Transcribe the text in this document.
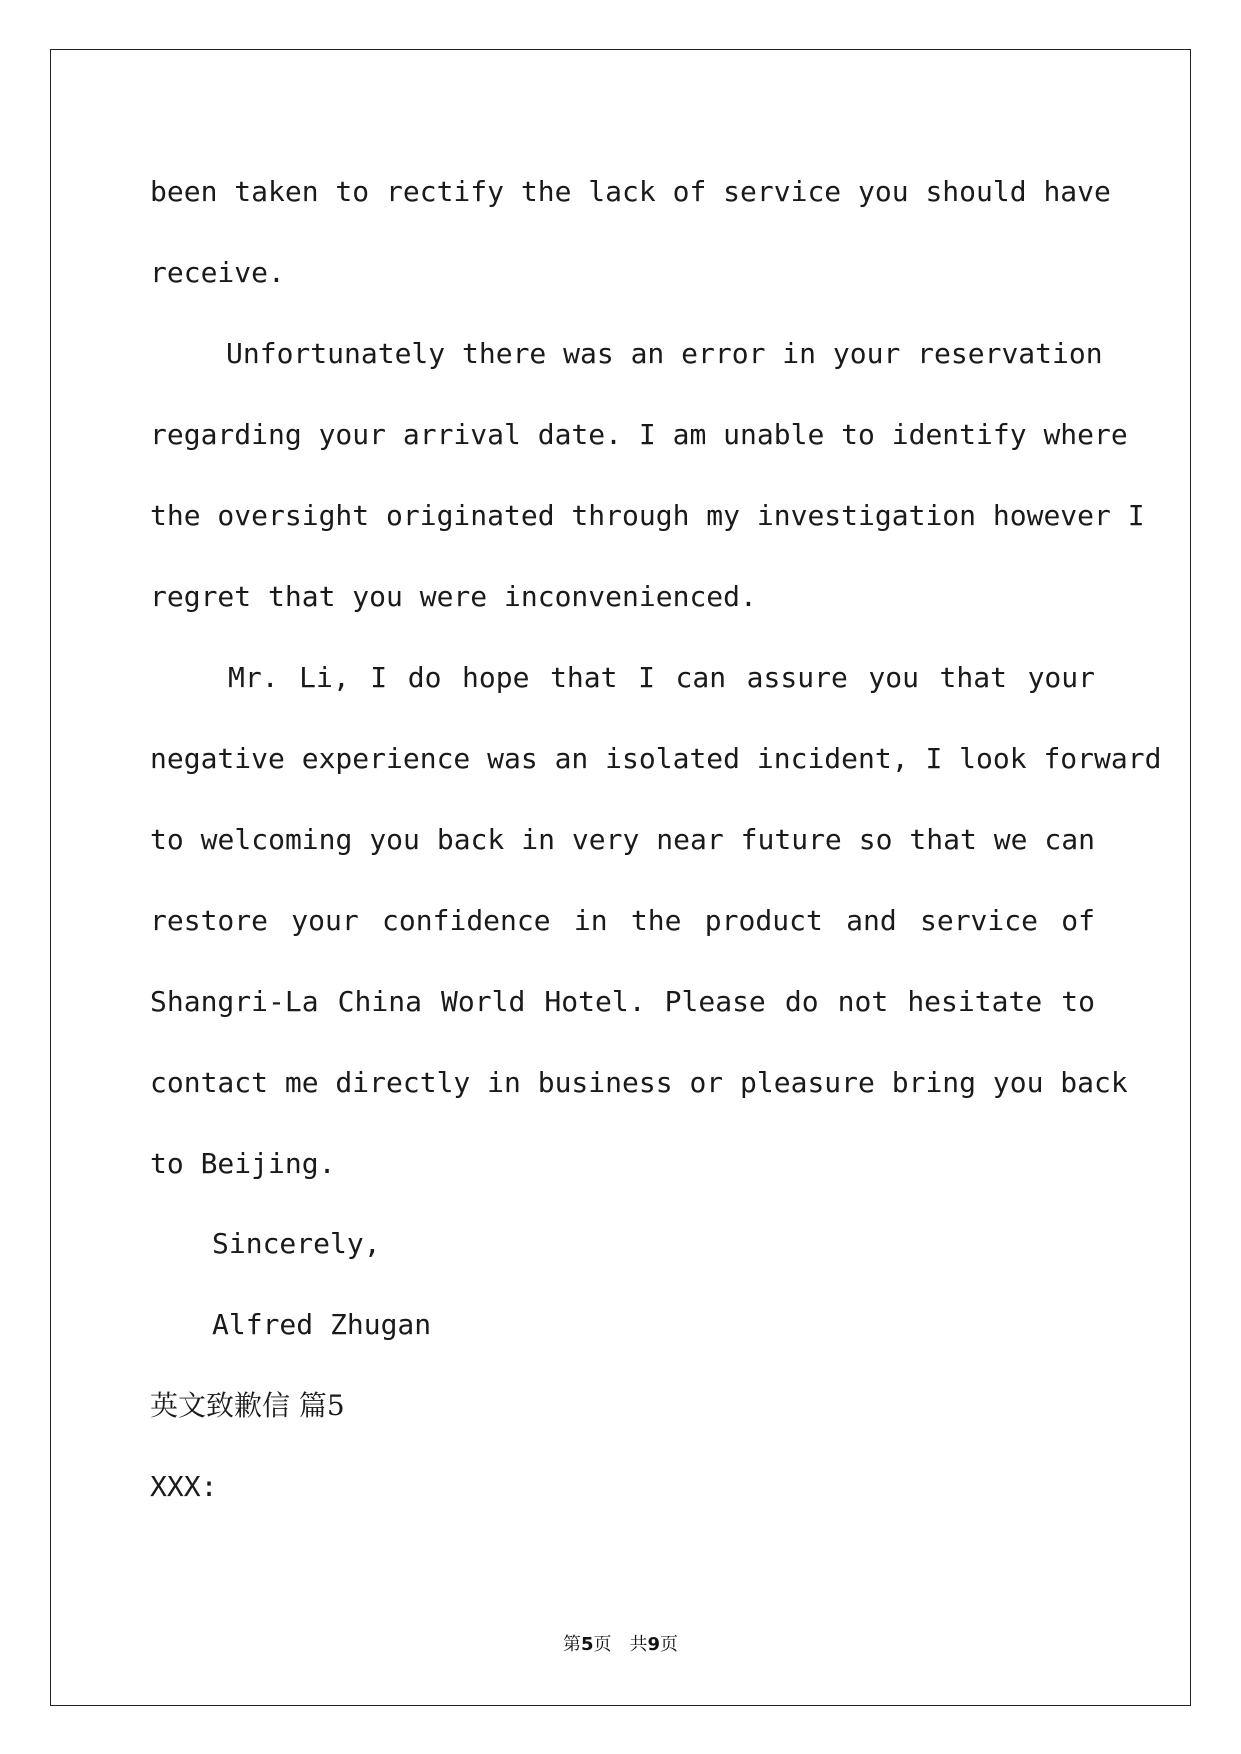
been taken to rectify the lack of service you should have

receive.

Unfortunately there was an error in your reservation

regarding your arrival date. I am unable to identify where

the oversight originated through my investigation however I

regret that you were inconvenienced.

Mr. Li, I do hope that I can assure you that your

negative experience was an isolated incident, I look forward

to welcoming you back in very near future so that we can

restore your confidence in the product and service of

Shangri-La China World Hotel. Please do not hesitate to

contact me directly in business or pleasure bring you back

to Beijing.

Sincerely,

Alfred Zhugan

英文致歉信 篇5

XXX:

第5页　共9页
